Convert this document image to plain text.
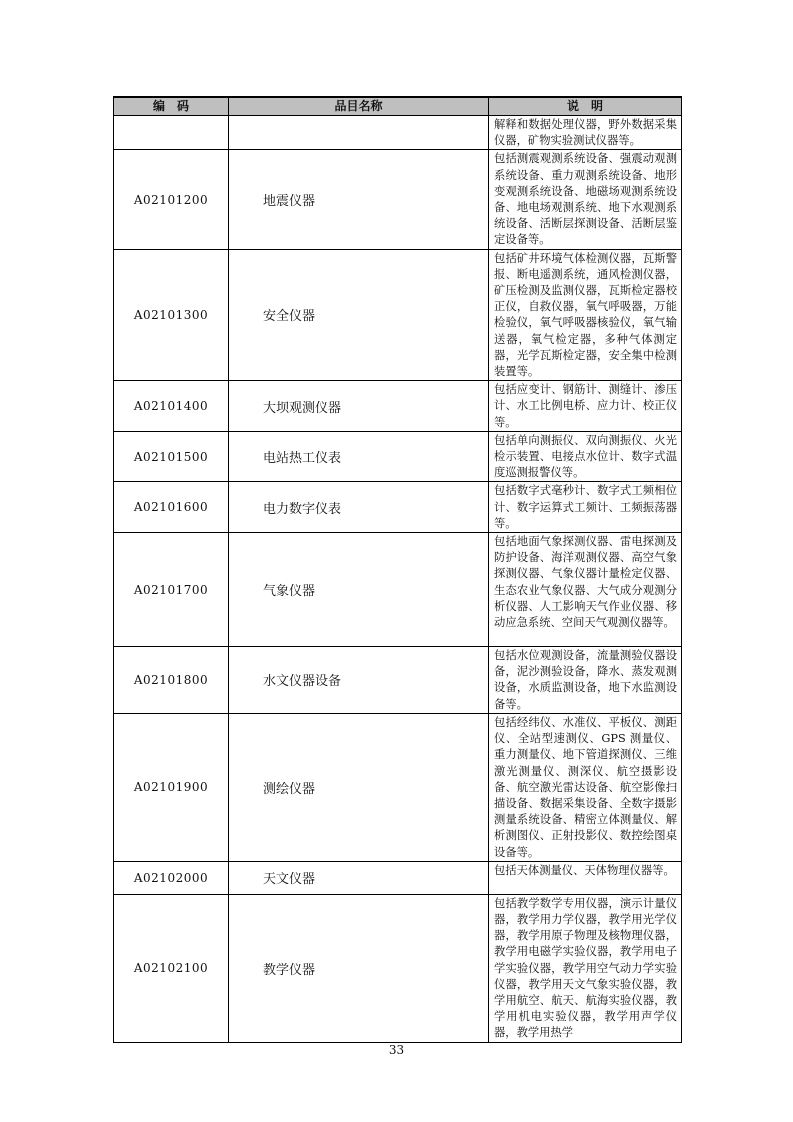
编　码	品目名称	说　明
		解释和数据处理仪器，野外数据采集仪器，矿物实验测试仪器等。
A02101200	地震仪器	包括测震观测系统设备、强震动观测系统设备、重力观测系统设备、地形变观测系统设备、地磁场观测系统设备、地电场观测系统、地下水观测系统设备、活断层探测设备、活断层鉴定设备等。
A02101300	安全仪器	包括矿井环境气体检测仪器，瓦斯警报、断电遥测系统，通风检测仪器，矿压检测及监测仪器，瓦斯检定器校正仪，自救仪器，氧气呼吸器，万能检验仪，氧气呼吸器核验仪，氧气输送器，氧气检定器，多种气体测定器，光学瓦斯检定器，安全集中检测装置等。
A02101400	大坝观测仪器	包括应变计、钢筋计、测缝计、渗压计、水工比例电桥、应力计、校正仪等。
A02101500	电站热工仪表	包括单向测振仪、双向测振仪、火光检示装置、电接点水位计、数字式温度巡测报警仪等。
A02101600	电力数字仪表	包括数字式毫秒计、数字式工频相位计、数字运算式工频计、工频振荡器等。
A02101700	气象仪器	包括地面气象探测仪器、雷电探测及防护设备、海洋观测仪器、高空气象探测仪器、气象仪器计量检定仪器、生态农业气象仪器、大气成分观测分析仪器、人工影响天气作业仪器、移动应急系统、空间天气观测仪器等。
A02101800	水文仪器设备	包括水位观测设备，流量测验仪器设备，泥沙测验设备，降水、蒸发观测设备，水质监测设备，地下水监测设备等。
A02101900	测绘仪器	包括经纬仪、水准仪、平板仪、测距仪、全站型速测仪、GPS 测量仪、重力测量仪、地下管道探测仪、三维激光测量仪、测深仪、航空摄影设备、航空激光雷达设备、航空影像扫描设备、数据采集设备、全数字摄影测量系统设备、精密立体测量仪、解析测图仪、正射投影仪、数控绘图桌设备等。
A02102000	天文仪器	包括天体测量仪、天体物理仪器等。
A02102100	教学仪器	包括教学数学专用仪器，演示计量仪器，教学用力学仪器，教学用光学仪器，教学用原子物理及核物理仪器，教学用电磁学实验仪器，教学用电子学实验仪器，教学用空气动力学实验仪器，教学用天文气象实验仪器，教学用航空、航天、航海实验仪器，教学用机电实验仪器，教学用声学仪器，教学用热学
33
